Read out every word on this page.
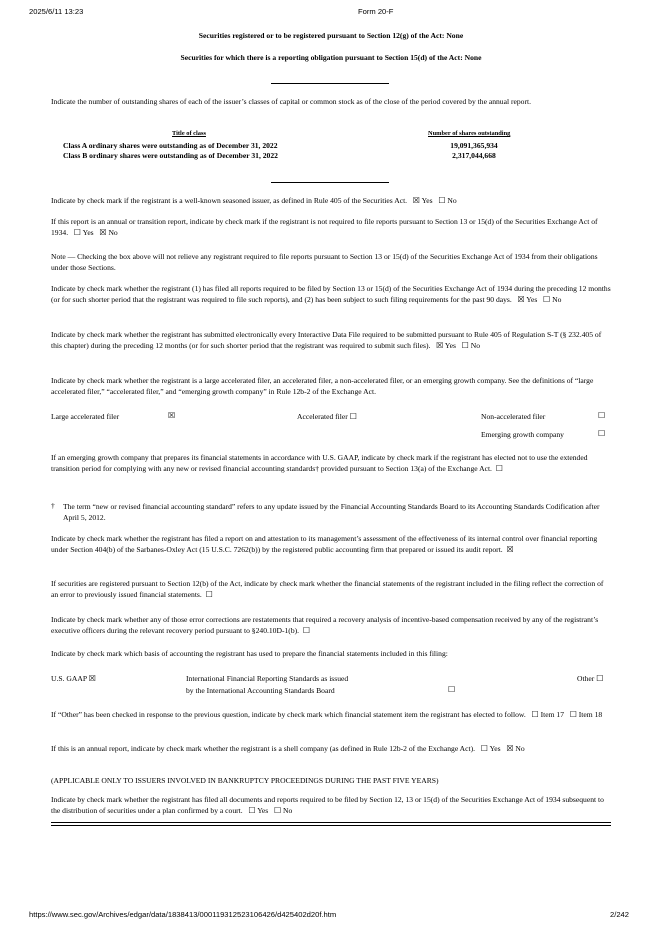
2025/6/11 13:23	Form 20-F
Securities registered or to be registered pursuant to Section 12(g) of the Act: None
Securities for which there is a reporting obligation pursuant to Section 15(d) of the Act: None
Indicate the number of outstanding shares of each of the issuer’s classes of capital or common stock as of the close of the period covered by the annual report.
Title of class	Number of shares outstanding
Class A ordinary shares were outstanding as of December 31, 2022	19,091,365,934
Class B ordinary shares were outstanding as of December 31, 2022	2,317,044,668
Indicate by check mark if the registrant is a well-known seasoned issuer, as defined in Rule 405 of the Securities Act. ☒ Yes ☐ No
If this report is an annual or transition report, indicate by check mark if the registrant is not required to file reports pursuant to Section 13 or 15(d) of the Securities Exchange Act of 1934. ☐ Yes ☒ No
Note — Checking the box above will not relieve any registrant required to file reports pursuant to Section 13 or 15(d) of the Securities Exchange Act of 1934 from their obligations under those Sections.
Indicate by check mark whether the registrant (1) has filed all reports required to be filed by Section 13 or 15(d) of the Securities Exchange Act of 1934 during the preceding 12 months (or for such shorter period that the registrant was required to file such reports), and (2) has been subject to such filing requirements for the past 90 days. ☒ Yes ☐ No
Indicate by check mark whether the registrant has submitted electronically every Interactive Data File required to be submitted pursuant to Rule 405 of Regulation S-T (§ 232.405 of this chapter) during the preceding 12 months (or for such shorter period that the registrant was required to submit such files). ☒ Yes ☐ No
Indicate by check mark whether the registrant is a large accelerated filer, an accelerated filer, a non-accelerated filer, or an emerging growth company. See the definitions of “large accelerated filer,” “accelerated filer,” and “emerging growth company” in Rule 12b-2 of the Exchange Act.
Large accelerated filer	☒	Accelerated filer ☐	Non-accelerated filer	☐
Emerging growth company	☐
If an emerging growth company that prepares its financial statements in accordance with U.S. GAAP, indicate by check mark if the registrant has elected not to use the extended transition period for complying with any new or revised financial accounting standards† provided pursuant to Section 13(a) of the Exchange Act. ☐
† The term “new or revised financial accounting standard” refers to any update issued by the Financial Accounting Standards Board to its Accounting Standards Codification after April 5, 2012.
Indicate by check mark whether the registrant has filed a report on and attestation to its management’s assessment of the effectiveness of its internal control over financial reporting under Section 404(b) of the Sarbanes-Oxley Act (15 U.S.C. 7262(b)) by the registered public accounting firm that prepared or issued its audit report. ☒
If securities are registered pursuant to Section 12(b) of the Act, indicate by check mark whether the financial statements of the registrant included in the filing reflect the correction of an error to previously issued financial statements. ☐
Indicate by check mark whether any of those error corrections are restatements that required a recovery analysis of incentive-based compensation received by any of the registrant’s executive officers during the relevant recovery period pursuant to §240.10D-1(b). ☐
Indicate by check mark which basis of accounting the registrant has used to prepare the financial statements included in this filing:
U.S. GAAP ☒	International Financial Reporting Standards as issued
by the International Accounting Standards Board	☐
Other ☐
If “Other” has been checked in response to the previous question, indicate by check mark which financial statement item the registrant has elected to follow. ☐ Item 17 ☐ Item 18
If this is an annual report, indicate by check mark whether the registrant is a shell company (as defined in Rule 12b-2 of the Exchange Act). ☐ Yes ☒ No
(APPLICABLE ONLY TO ISSUERS INVOLVED IN BANKRUPTCY PROCEEDINGS DURING THE PAST FIVE YEARS)
Indicate by check mark whether the registrant has filed all documents and reports required to be filed by Section 12, 13 or 15(d) of the Securities Exchange Act of 1934 subsequent to the distribution of securities under a plan confirmed by a court. ☐ Yes ☐ No
https://www.sec.gov/Archives/edgar/data/1838413/000119312523106426/d425402d20f.htm	2/242
